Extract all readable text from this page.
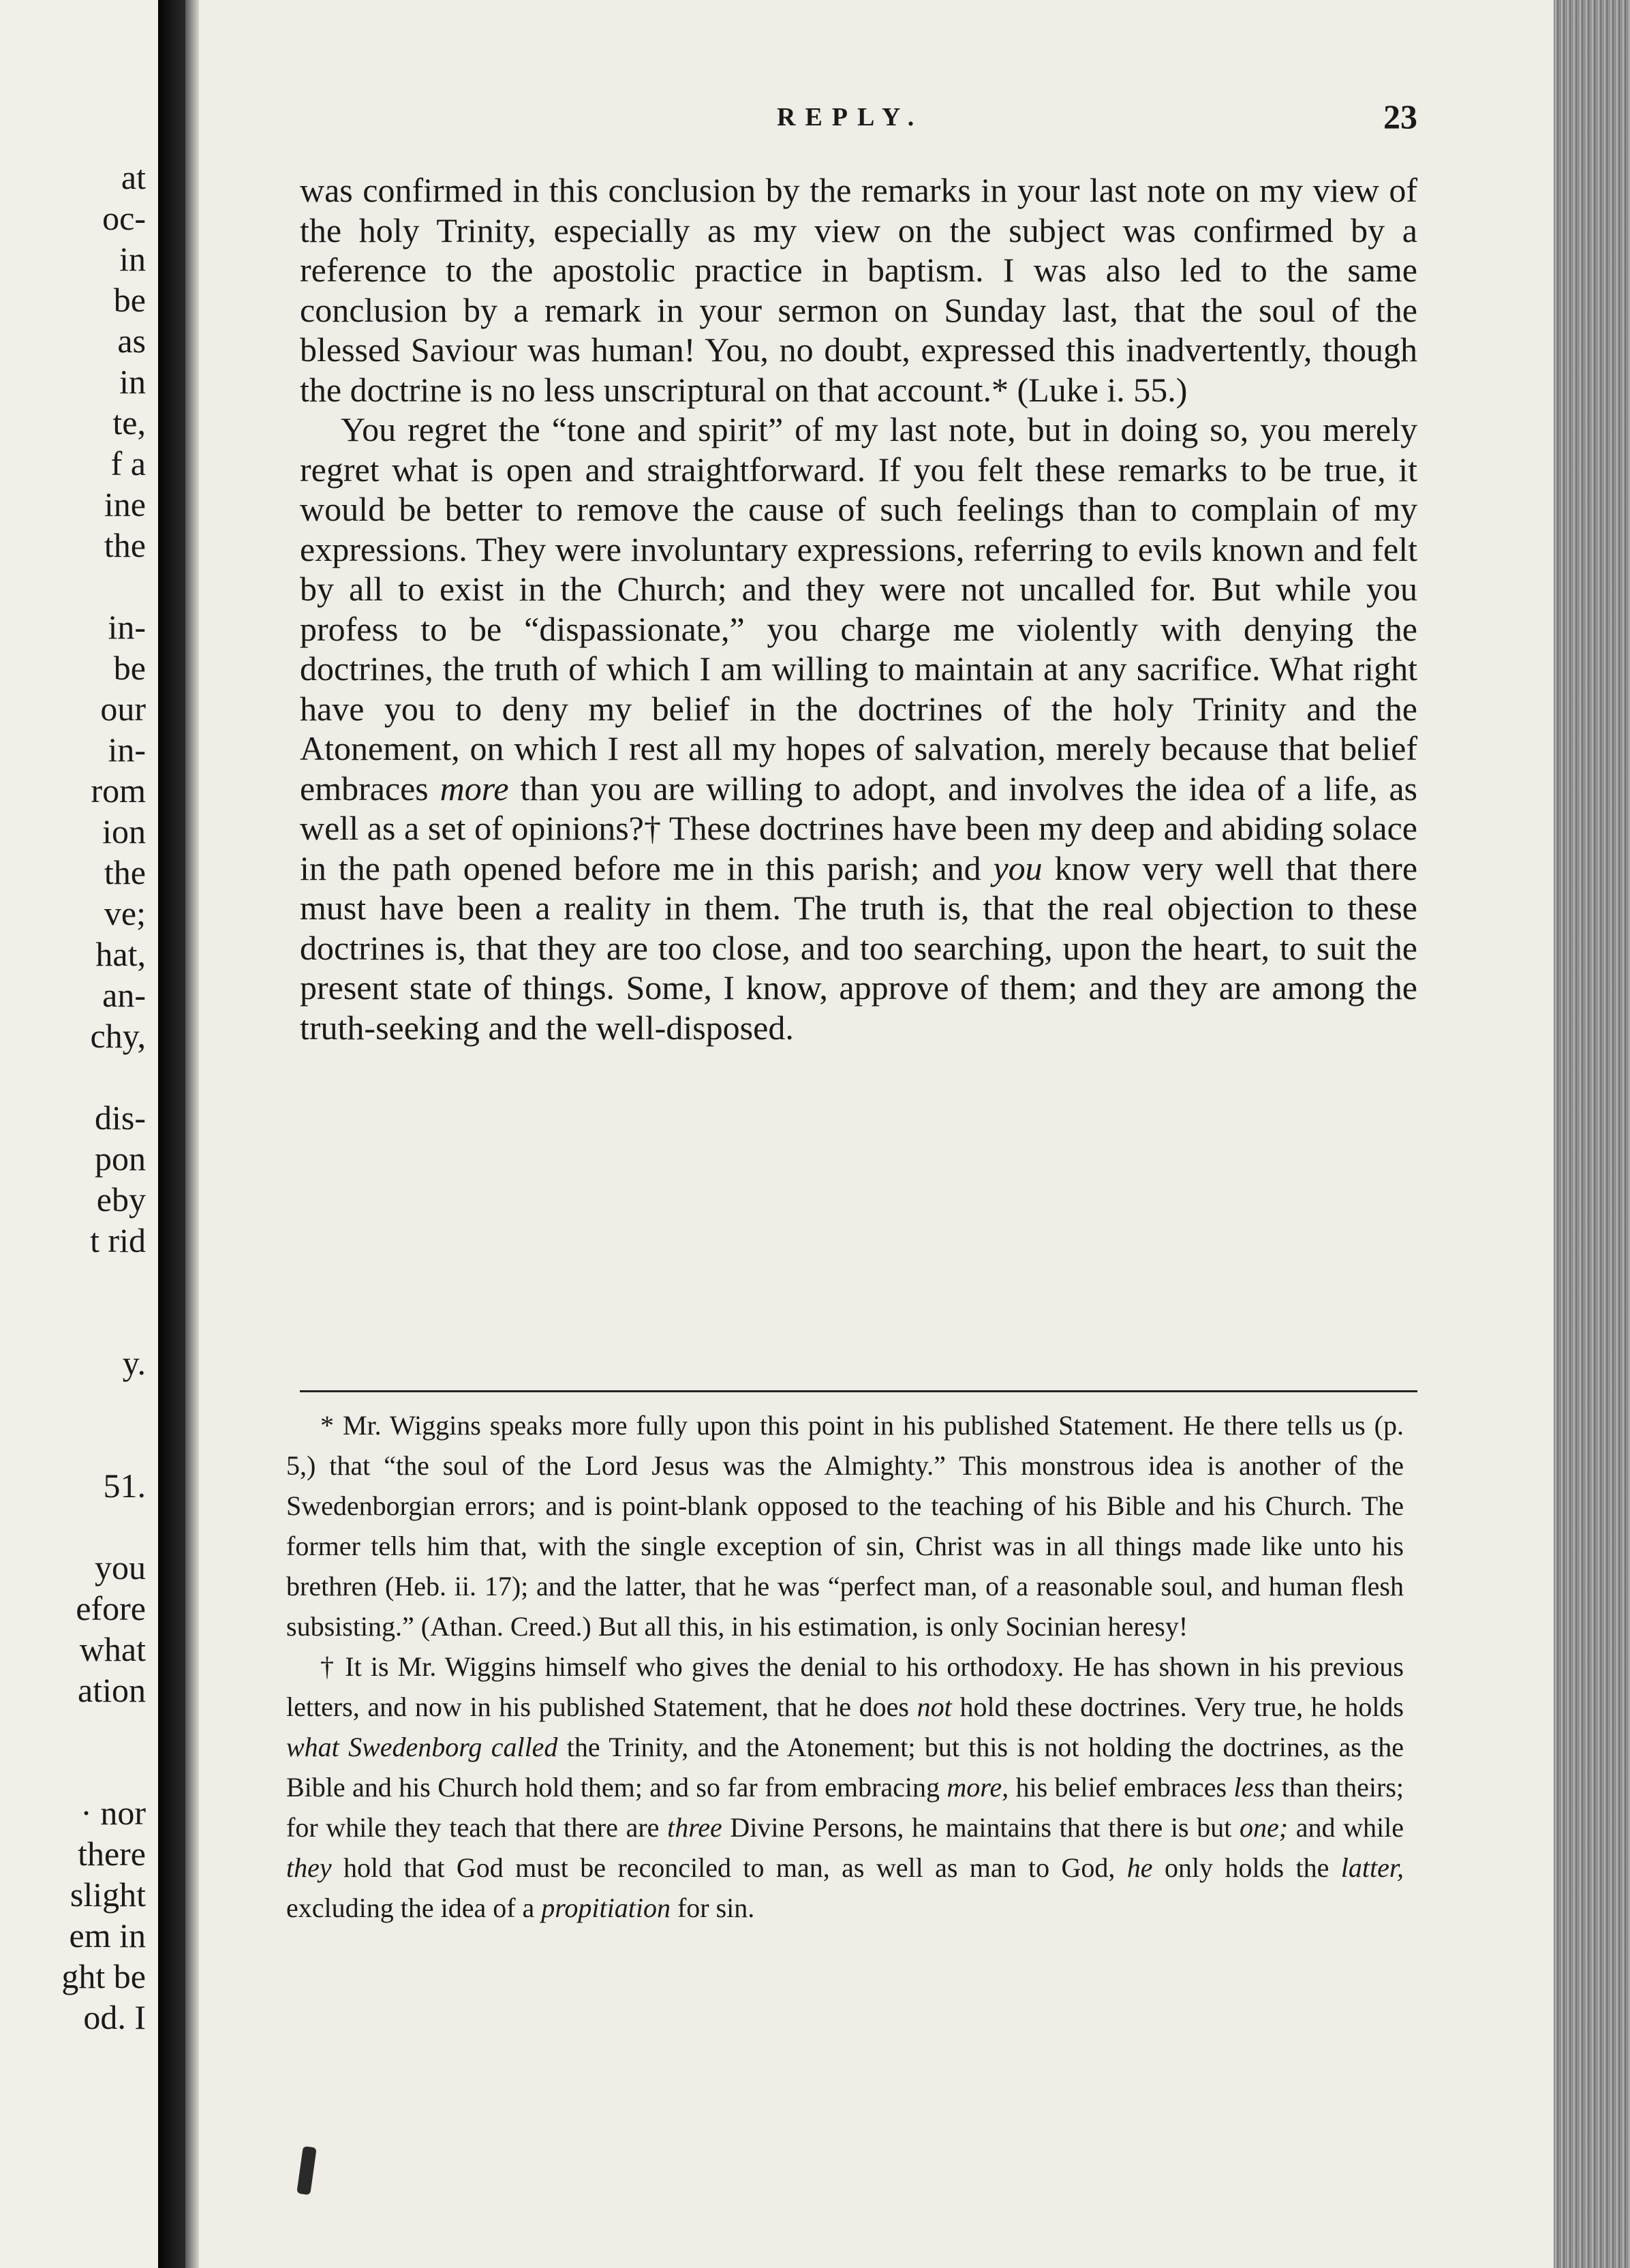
at
oc-
in
be
as
in
te,
f a
ine
the
in-
be
our
in-
rom
ion
the
ve;
hat,
an-
chy,
dis-
pon
eby
t rid
y.
51.
you
efore
what
ation
· nor
there
slight
em in
ght be
od. I
REPLY.	23

was confirmed in this conclusion by the remarks in your last note on my view of the holy Trinity, especially as my view on the subject was confirmed by a reference to the apostolic practice in baptism. I was also led to the same conclusion by a remark in your sermon on Sunday last, that the soul of the blessed Saviour was human! You, no doubt, expressed this inadvertently, though the doctrine is no less unscriptural on that account.* (Luke i. 55.)

You regret the “tone and spirit” of my last note, but in doing so, you merely regret what is open and straightforward. If you felt these remarks to be true, it would be better to remove the cause of such feelings than to complain of my expressions. They were involuntary expressions, referring to evils known and felt by all to exist in the Church; and they were not uncalled for. But while you profess to be “dispassionate,” you charge me violently with denying the doctrines, the truth of which I am willing to maintain at any sacrifice. What right have you to deny my belief in the doctrines of the holy Trinity and the Atonement, on which I rest all my hopes of salvation, merely because that belief embraces more than you are willing to adopt, and involves the idea of a life, as well as a set of opinions?† These doctrines have been my deep and abiding solace in the path opened before me in this parish; and you know very well that there must have been a reality in them. The truth is, that the real objection to these doctrines is, that they are too close, and too searching, upon the heart, to suit the present state of things. Some, I know, approve of them; and they are among the truth-seeking and the well-disposed.

* Mr. Wiggins speaks more fully upon this point in his published Statement. He there tells us (p. 5,) that “the soul of the Lord Jesus was the Almighty.” This monstrous idea is another of the Swedenborgian errors; and is point-blank opposed to the teaching of his Bible and his Church. The former tells him that, with the single exception of sin, Christ was in all things made like unto his brethren (Heb. ii. 17); and the latter, that he was “perfect man, of a reasonable soul, and human flesh subsisting.” (Athan. Creed.) But all this, in his estimation, is only Socinian heresy!

† It is Mr. Wiggins himself who gives the denial to his orthodoxy. He has shown in his previous letters, and now in his published Statement, that he does not hold these doctrines. Very true, he holds what Swedenborg called the Trinity, and the Atonement; but this is not holding the doctrines, as the Bible and his Church hold them; and so far from embracing more, his belief embraces less than theirs; for while they teach that there are three Divine Persons, he maintains that there is but one; and while they hold that God must be reconciled to man, as well as man to God, he only holds the latter, excluding the idea of a propitiation for sin.
